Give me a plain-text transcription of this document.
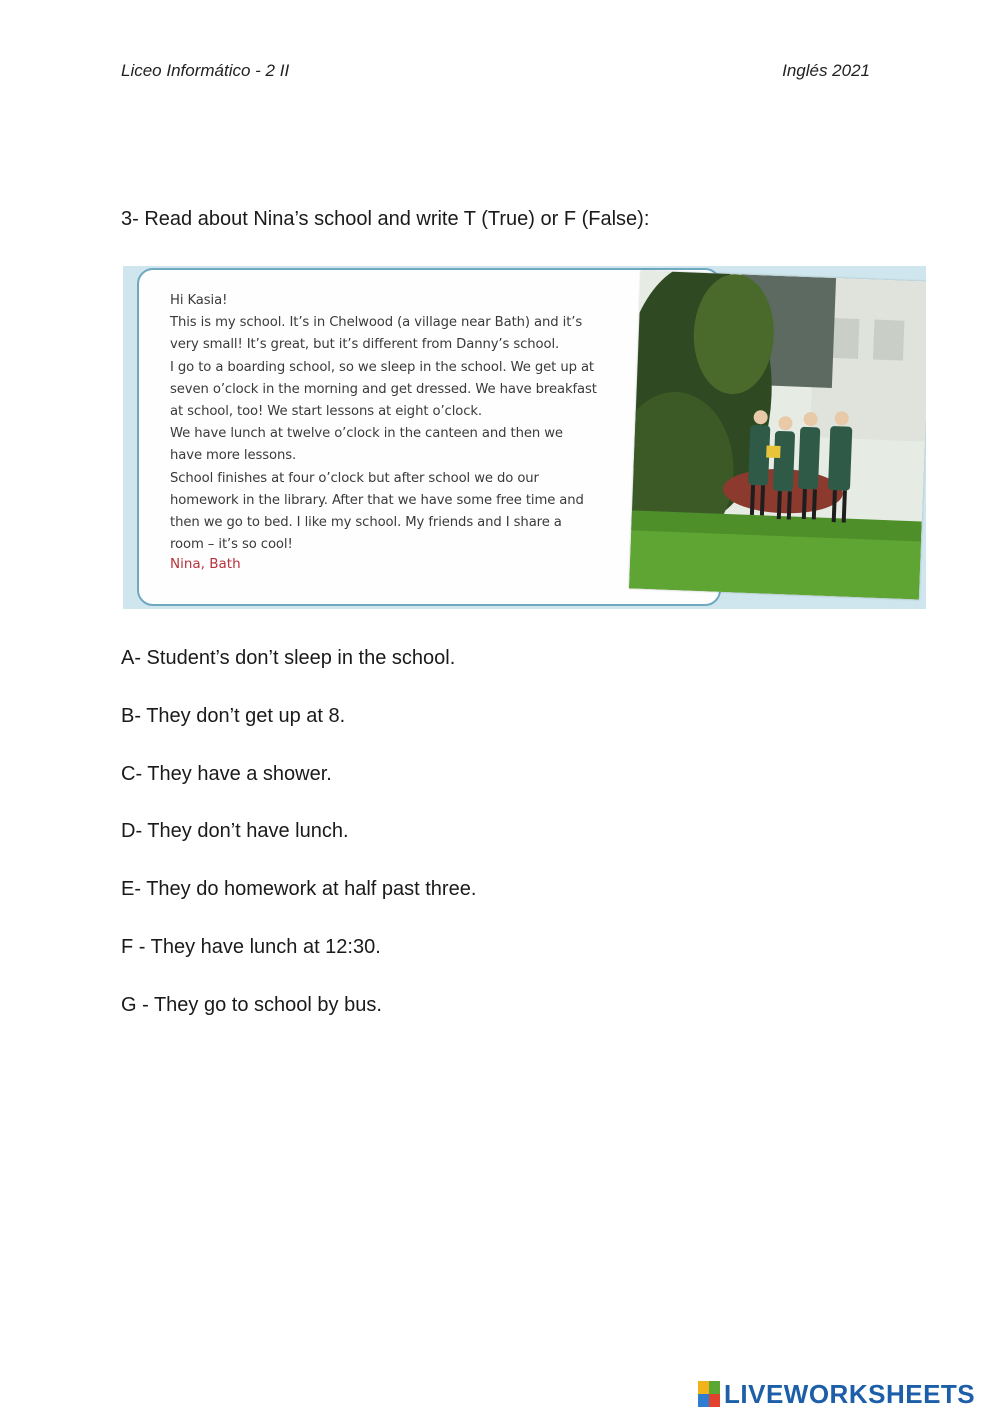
Liceo Informático - 2 II	Inglés 2021
3- Read about Nina’s school and write T (True) or F (False):
Hi Kasia!
This is my school. It’s in Chelwood (a village near Bath) and it’s
very small! It’s great, but it’s different from Danny’s school.
I go to a boarding school, so we sleep in the school. We get up at
seven o’clock in the morning and get dressed. We have breakfast
at school, too! We start lessons at eight o’clock.
We have lunch at twelve o’clock in the canteen and then we
have more lessons.
School finishes at four o’clock but after school we do our
homework in the library. After that we have some free time and
then we go to bed. I like my school. My friends and I share a
room – it’s so cool!
Nina, Bath
A- Student’s don’t sleep in the school.
B- They don’t get up at 8.
C- They have a shower.
D- They don’t have lunch.
E- They do homework at half past three.
F - They have lunch at 12:30.
G - They go to school by bus.
LIVEWORKSHEETS
